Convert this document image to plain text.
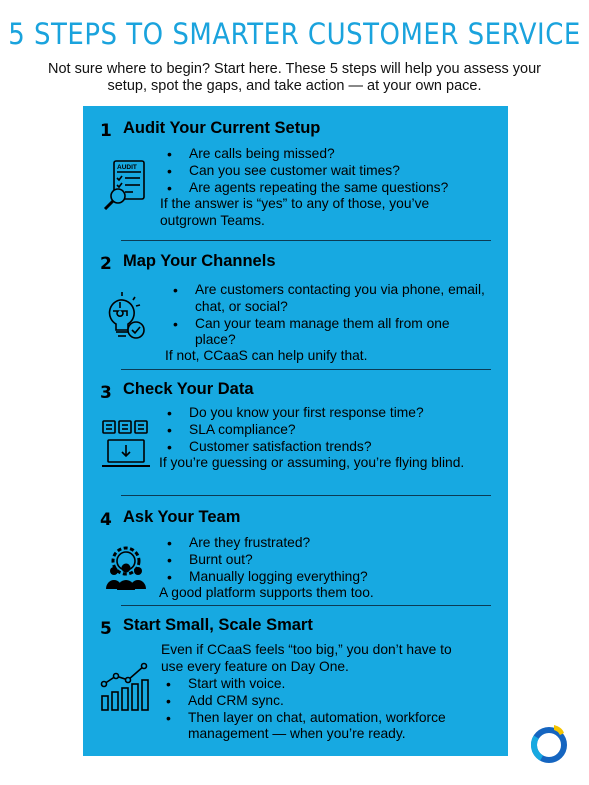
5 STEPS TO SMARTER CUSTOMER SERVICE
Not sure where to begin? Start here. These 5 steps will help you assess your setup, spot the gaps, and take action — at your own pace.
1 Audit Your Current Setup
AUDIT
• Are calls being missed?
• Can you see customer wait times?
• Are agents repeating the same questions?
If the answer is “yes” to any of those, you’ve outgrown Teams.
2 Map Your Channels
• Are customers contacting you via phone, email, chat, or social?
• Can your team manage them all from one place?
If not, CCaaS can help unify that.
3 Check Your Data
• Do you know your first response time?
• SLA compliance?
• Customer satisfaction trends?
If you’re guessing or assuming, you’re flying blind.
4 Ask Your Team
• Are they frustrated?
• Burnt out?
• Manually logging everything?
A good platform supports them too.
5 Start Small, Scale Smart
Even if CCaaS feels “too big,” you don’t have to use every feature on Day One.
• Start with voice.
• Add CRM sync.
• Then layer on chat, automation, workforce management — when you’re ready.
